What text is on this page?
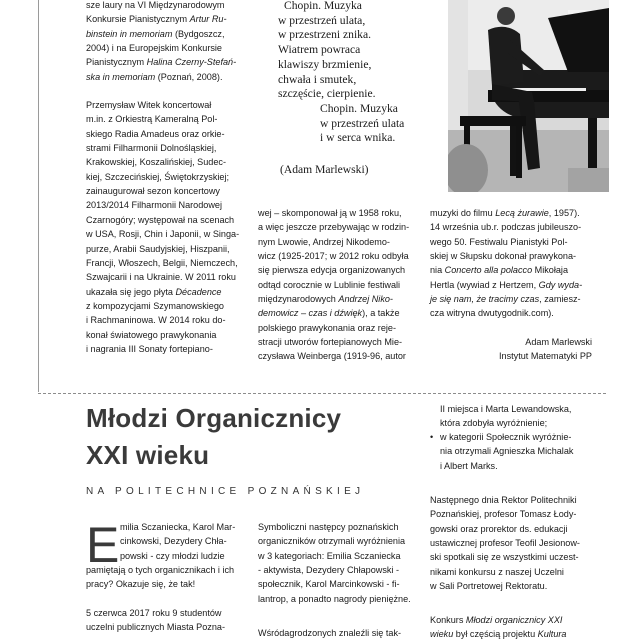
sze laury na VI Międzynarodowym
Konkursie Pianistycznym Artur Ru-
binstein in memoriam (Bydgoszcz,
2004) i na Europejskim Konkursie
Pianistycznym Halina Czerny-Stefań-
ska in memoriam (Poznań, 2008).
Przemysław Witek koncertował
m.in. z Orkiestrą Kameralną Pol-
skiego Radia Amadeus oraz orkie-
strami Filharmonii Dolnośląskiej,
Krakowskiej, Koszalińskiej, Sudec-
kiej, Szczecińskiej, Świętokrzyskiej;
zainaugurował sezon koncertowy
2013/2014 Filharmonii Narodowej
Czarnogóry; występował na scenach
w USA, Rosji, Chin i Japonii, w Singa-
purze, Arabii Saudyjskiej, Hiszpanii,
Francji, Włoszech, Belgii, Niemczech,
Szwajcarii i na Ukrainie. W 2011 roku
ukazała się jego płyta Décadence
z kompozycjami Szymanowskiego
i Rachmaninowa. W 2014 roku do-
konał światowego prawykonania
i nagrania III Sonaty fortepiano-
Chopin. Muzyka
w przestrzeń ulata,
w przestrzeni znika.
Wiatrem powraca
klawiszy brzmienie,
chwała i smutek,
szczęście, cierpienie.
Chopin. Muzyka
w przestrzeń ulata
i w serca wnika.
(Adam Marlewski)
wej – skomponował ją w 1958 roku,
a więc jeszcze przebywając w rodzin-
nym Lwowie, Andrzej Nikodemo-
wicz (1925-2017; w 2012 roku odbyła
się pierwsza edycja organizowanych
odtąd corocznie w Lublinie festiwali
międzynarodowych Andrzej Niko-
demowicz – czas i dźwięk), a także
polskiego prawykonania oraz reje-
stracji utworów fortepianowych Mie-
czysława Weinberga (1919-96, autor
muzyki do filmu Lecą żurawie, 1957).
14 września ub.r. podczas jubileuszo-
wego 50. Festiwalu Pianistyki Pol-
skiej w Słupsku dokonał prawykona-
nia Concerto alla polacco Mikołaja
Hertla (wywiad z Hertzem, Gdy wyda-
je się nam, że tracimy czas, zamiesz-
cza witryna dwutygodnik.com).
Adam Marlewski
Instytut Matematyki PP
Młodzi Organicznicy
XXI wieku
NA POLITECHNICE POZNAŃSKIEJ
E milia Sczaniecka, Karol Mar-
cinkowski, Dezydery Chła-
powski - czy młodzi ludzie
pamiętają o tych organicznikach i ich
pracy? Okazuje się, że tak!
5 czerwca 2017 roku 9 studentów
uczelni publicznych Miasta Pozna-
Symboliczni następcy poznańskich
organiczników otrzymali wyróżnienia
w 3 kategoriach: Emilia Sczaniecka
- aktywista, Dezydery Chłapowski -
społecznik, Karol Marcinkowski - fi-
lantrop, a ponadto nagrody pieniężne.
Wśródagrodzonych znaleźli się tak-
II miejsca i Marta Lewandowska,
która zdobyła wyróżnienie;
• w kategorii Społecznik wyróżnie-
nia otrzymali Agnieszka Michalak
i Albert Marks.
Następnego dnia Rektor Politechniki
Poznańskiej, profesor Tomasz Łody-
gowski oraz prorektor ds. edukacji
ustawicznej profesor Teofil Jesionow-
ski spotkali się ze wszystkimi uczest-
nikami konkursu z naszej Uczelni
w Sali Portretowej Rektoratu.
Konkurs Młodzi organicznicy XXI
wieku był częścią projektu Kultura
